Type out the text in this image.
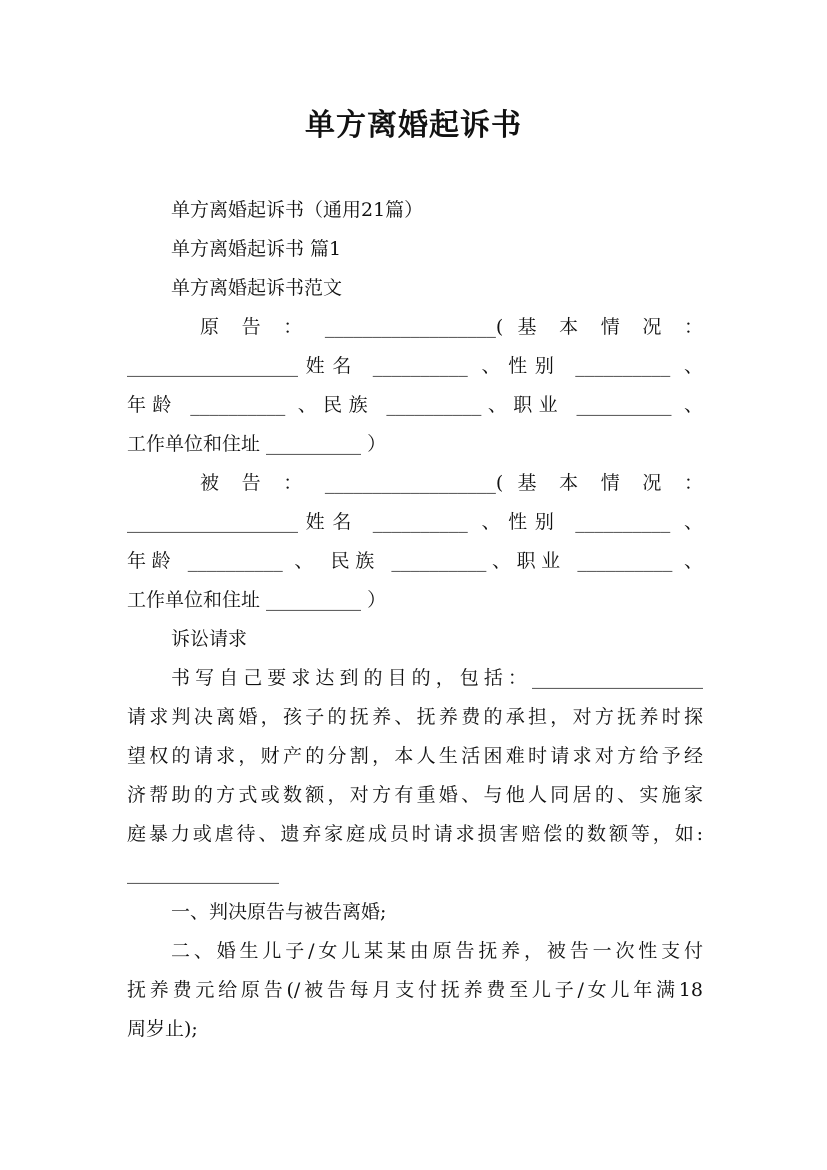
单方离婚起诉书
单方离婚起诉书（通用21篇）
单方离婚起诉书 篇1
单方离婚起诉书范文
原 告 ： __________________( 基 本 情 况 ：
__________________姓名 __________ 、性别 __________ 、
年龄 __________ 、民族 __________、职业 __________ 、
工作单位和住址 __________ ）
被 告 ： __________________( 基 本 情 况 ：
__________________姓名 __________ 、性别 __________ 、
年龄 __________ 、 民族 __________、职业 __________ 、
工作单位和住址 __________ ）
诉讼请求
书写自己要求达到的目的，包括：__________________
请求判决离婚，孩子的抚养、抚养费的承担，对方抚养时探
望权的请求，财产的分割，本人生活困难时请求对方给予经
济帮助的方式或数额，对方有重婚、与他人同居的、实施家
庭暴力或虐待、遗弃家庭成员时请求损害赔偿的数额等，如:
________________
一、判决原告与被告离婚;
二、婚生儿子/女儿某某由原告抚养，被告一次性支付
抚养费元给原告(/被告每月支付抚养费至儿子/女儿年满18
周岁止);
